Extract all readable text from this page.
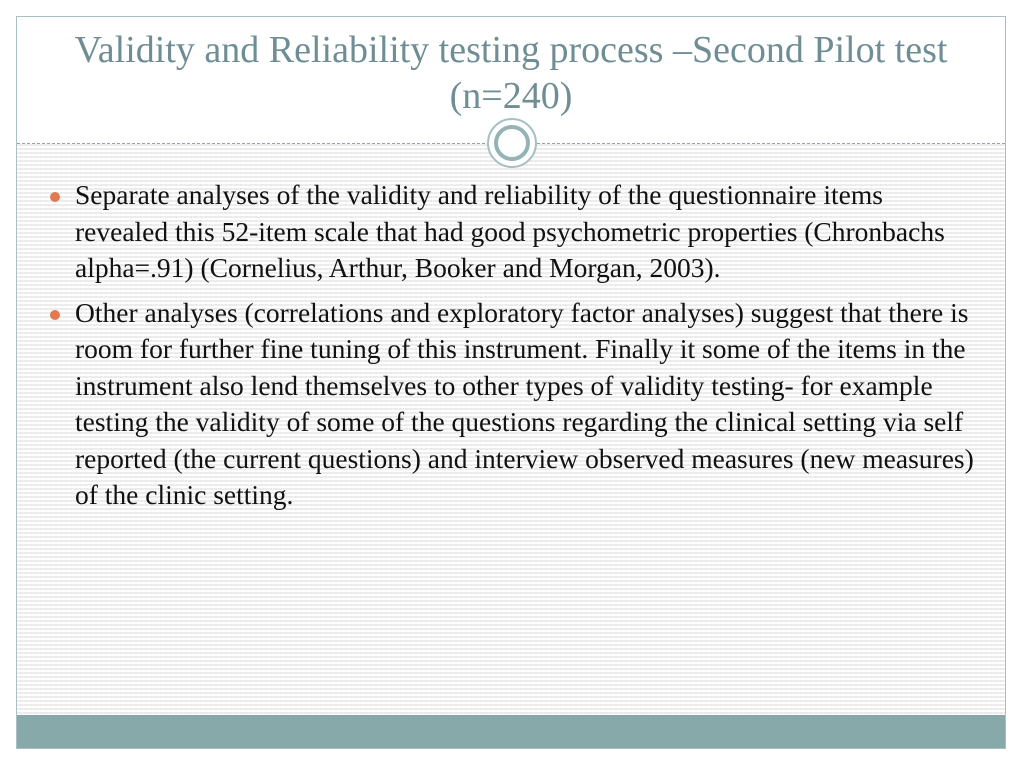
Validity and Reliability testing process –Second Pilot test (n=240)
Separate analyses of the validity and reliability of the questionnaire items revealed this 52-item scale that had good psychometric properties (Chronbachs alpha=.91) (Cornelius, Arthur, Booker and Morgan, 2003).
Other analyses (correlations and exploratory factor analyses) suggest that there is room for further fine tuning of this instrument. Finally it some of the items in the instrument also lend themselves to other types of validity testing- for example testing the validity of some of the questions regarding the clinical setting via self reported (the current questions) and interview observed measures (new measures) of the clinic setting.
